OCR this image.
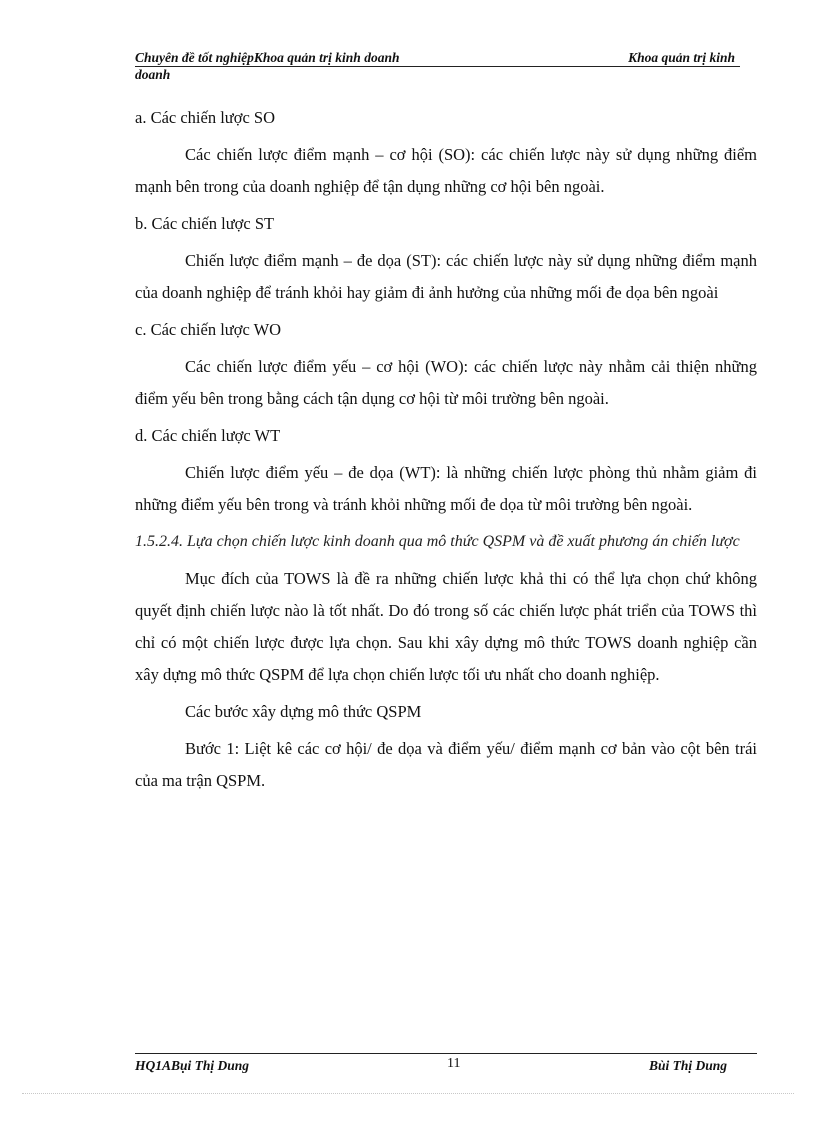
Chuyên đề tốt nghiệpKhoa quản trị kinh doanh	Khoa quản trị kinh
doanh

a. Các chiến lược SO

Các chiến lược điểm mạnh – cơ hội (SO): các chiến lược này sử dụng những điểm mạnh bên trong của doanh nghiệp để tận dụng những cơ hội bên ngoài.

b. Các chiến lược ST

Chiến lược điểm mạnh – đe dọa (ST): các chiến lược này sử dụng những điểm mạnh của doanh nghiệp để tránh khỏi hay giảm đi ảnh hưởng của những mối đe dọa bên ngoài

c. Các chiến lược WO

Các chiến lược điểm yếu – cơ hội (WO): các chiến lược này nhằm cải thiện những điểm yếu bên trong bằng cách tận dụng cơ hội từ môi trường bên ngoài.

d. Các chiến lược WT

Chiến lược điểm yếu – đe dọa (WT): là những chiến lược phòng thủ nhằm giảm đi những điểm yếu bên trong và tránh khỏi những mối đe dọa từ môi trường bên ngoài.

1.5.2.4. Lựa chọn chiến lược kinh doanh qua mô thức QSPM và đề xuất phương án chiến lược

Mục đích của TOWS là đề ra những chiến lược khả thi có thể lựa chọn chứ không quyết định chiến lược nào là tốt nhất. Do đó trong số các chiến lược phát triển của TOWS thì chỉ có một chiến lược được lựa chọn. Sau khi xây dựng mô thức TOWS doanh nghiệp cần xây dựng mô thức QSPM để lựa chọn chiến lược tối ưu nhất cho doanh nghiệp.

Các bước xây dựng mô thức QSPM

Bước 1: Liệt kê các cơ hội/ đe dọa và điểm yếu/ điểm mạnh cơ bản vào cột bên trái của ma trận QSPM.

HQ1ABụi Thị Dung	11	Bùi Thị Dung
